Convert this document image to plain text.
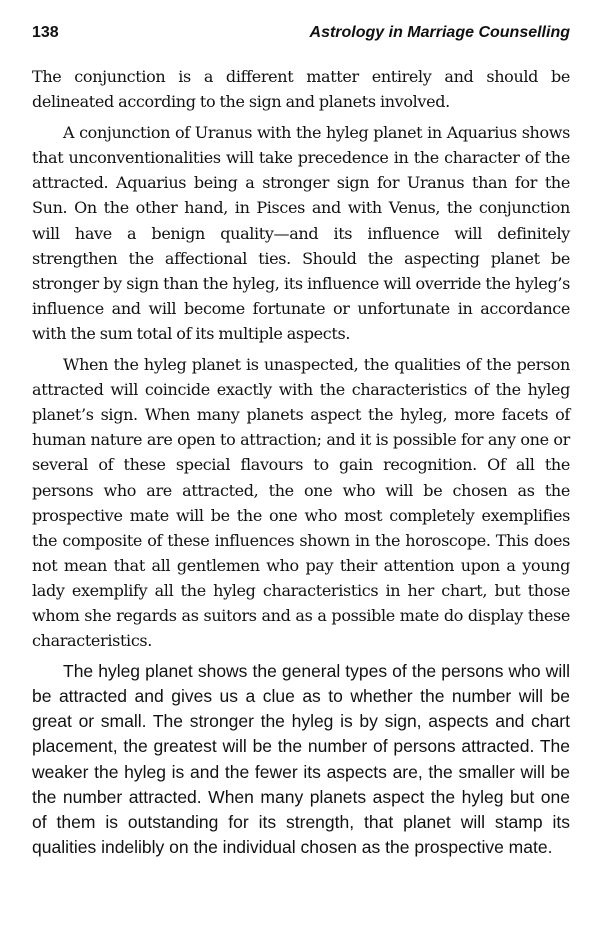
138	Astrology in Marriage Counselling

The conjunction is a different matter entirely and should be delineated according to the sign and planets involved.

A conjunction of Uranus with the hyleg planet in Aquarius shows that unconventionalities will take precedence in the character of the attracted. Aquarius being a stronger sign for Uranus than for the Sun. On the other hand, in Pisces and with Venus, the conjunction will have a benign quality—and its influence will definitely strengthen the affectional ties. Should the aspecting planet be stronger by sign than the hyleg, its influence will override the hyleg’s influence and will become fortunate or unfortunate in accordance with the sum total of its multiple aspects.

When the hyleg planet is unaspected, the qualities of the person attracted will coincide exactly with the characteristics of the hyleg planet’s sign. When many planets aspect the hyleg, more facets of human nature are open to attraction; and it is possible for any one or several of these special flavours to gain recognition. Of all the persons who are attracted, the one who will be chosen as the prospective mate will be the one who most completely exemplifies the composite of these influences shown in the horoscope. This does not mean that all gentlemen who pay their attention upon a young lady exemplify all the hyleg characteristics in her chart, but those whom she regards as suitors and as a possible mate do display these characteristics.

The hyleg planet shows the general types of the persons who will be attracted and gives us a clue as to whether the number will be great or small. The stronger the hyleg is by sign, aspects and chart placement, the greatest will be the number of persons attracted. The weaker the hyleg is and the fewer its aspects are, the smaller will be the number attracted. When many planets aspect the hyleg but one of them is outstanding for its strength, that planet will stamp its qualities indelibly on the individual chosen as the prospective mate.
